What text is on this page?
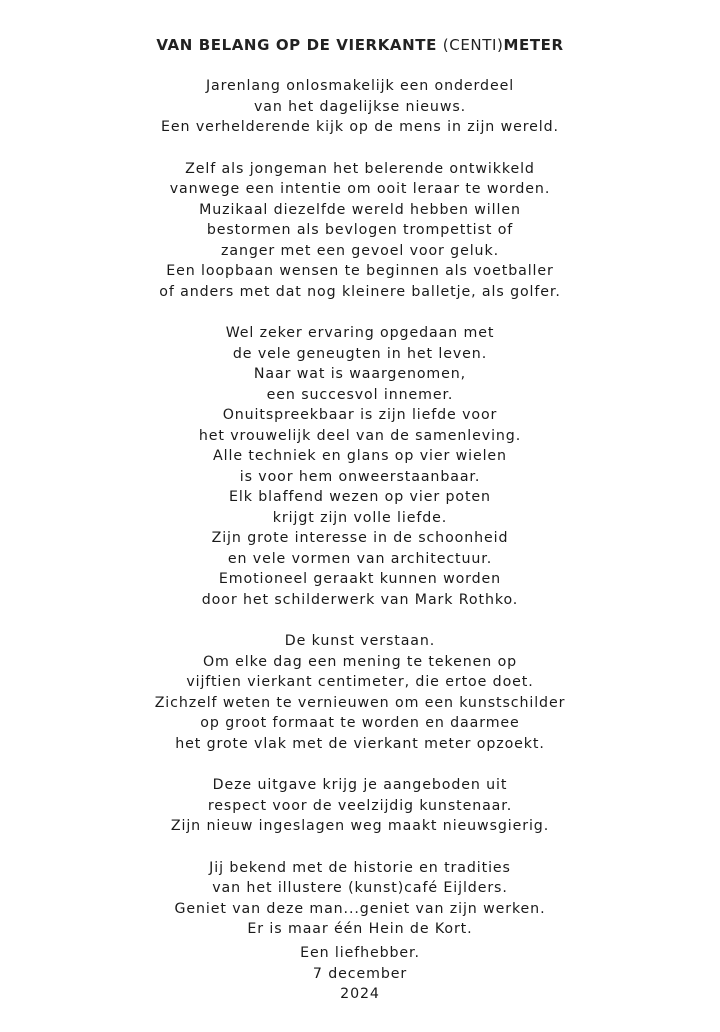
VAN BELANG OP DE VIERKANTE (CENTI)METER
Jarenlang onlosmakelijk een onderdeel
van het dagelijkse nieuws.
Een verhelderende kijk op de mens in zijn wereld.
Zelf als jongeman het belerende ontwikkeld
vanwege een intentie om ooit leraar te worden.
Muzikaal diezelfde wereld hebben willen
bestormen als bevlogen trompettist of
zanger met een gevoel voor geluk.
Een loopbaan wensen te beginnen als voetballer
of anders met dat nog kleinere balletje, als golfer.
Wel zeker ervaring opgedaan met
de vele geneugten in het leven.
Naar wat is waargenomen,
een succesvol innemer.
Onuitspreekbaar is zijn liefde voor
het vrouwelijk deel van de samenleving.
Alle techniek en glans op vier wielen
is voor hem onweerstaanbaar.
Elk blaffend wezen op vier poten
krijgt zijn volle liefde.
Zijn grote interesse in de schoonheid
en vele vormen van architectuur.
Emotioneel geraakt kunnen worden
door het schilderwerk van Mark Rothko.
De kunst verstaan.
Om elke dag een mening te tekenen op
vijftien vierkant centimeter, die ertoe doet.
Zichzelf weten te vernieuwen om een kunstschilder
op groot formaat te worden en daarmee
het grote vlak met de vierkant meter opzoekt.
Deze uitgave krijg je aangeboden uit
respect voor de veelzijdig kunstenaar.
Zijn nieuw ingeslagen weg maakt nieuwsgierig.
Jij bekend met de historie en tradities
van het illustere (kunst)café Eijlders.
Geniet van deze man...geniet van zijn werken.
Er is maar één Hein de Kort.
Een liefhebber.
7 december
2024
